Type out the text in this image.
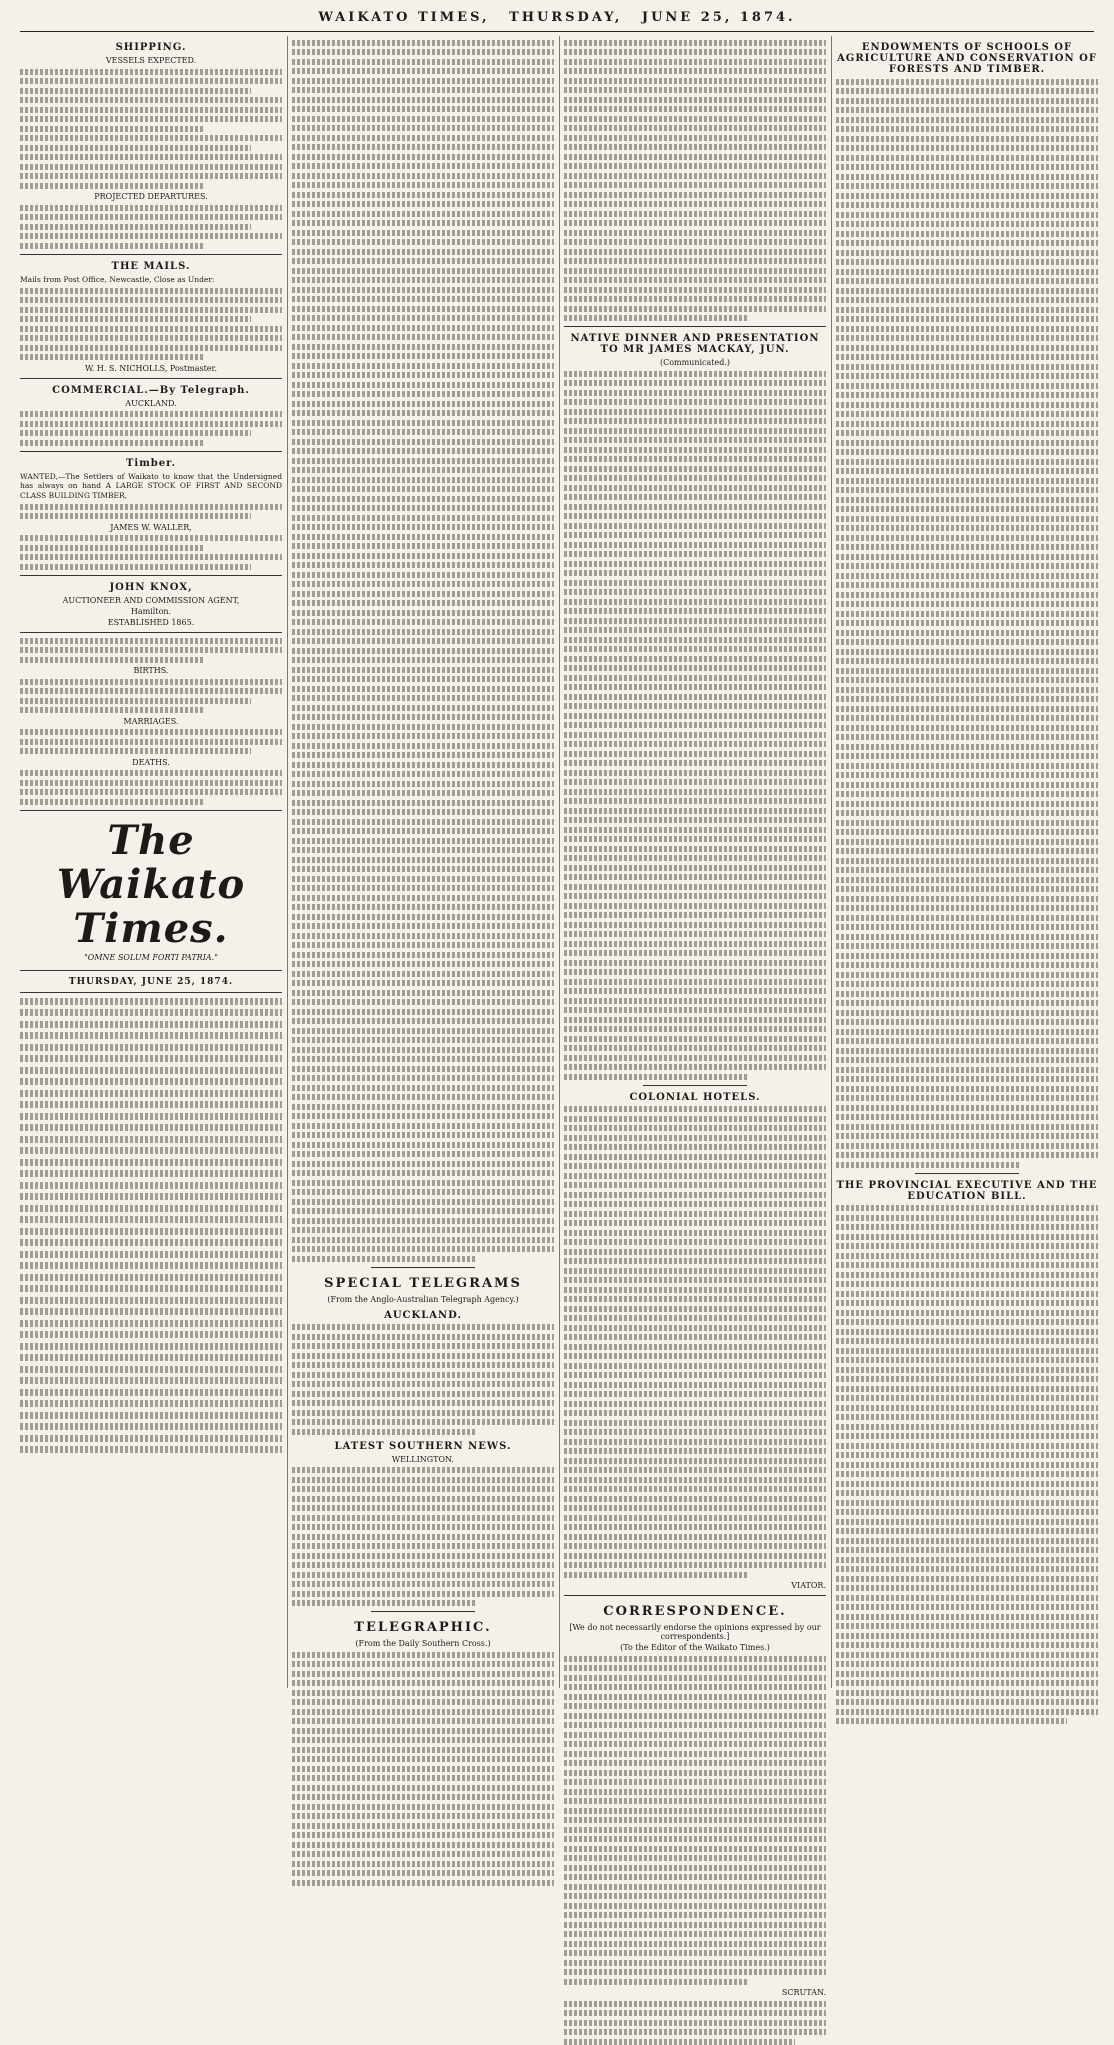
WAIKATO TIMES, THURSDAY, JUNE 25, 1874.
SHIPPING.
VESSELS EXPECTED.
PROJECTED DEPARTURES.
THE MAILS.
Mails from Post Office, Newcastle, Close as Under:
W. H. S. NICHOLLS, Postmaster.
COMMERCIAL.—By Telegraph.
AUCKLAND.
Timber.
WANTED,—The Settlers of Waikato to know that the Undersigned has always on hand A LARGE STOCK OF FIRST AND SECOND CLASS BUILDING TIMBER,
JAMES W. WALLER,
JOHN KNOX,
AUCTIONEER AND COMMISSION AGENT,
Hamilton.
ESTABLISHED 1865.
BIRTHS.
MARRIAGES.
DEATHS.
The Waikato Times.
"OMNE SOLUM FORTI PATRIA."
THURSDAY, JUNE 25, 1874.
SPECIAL TELEGRAMS
(From the Anglo-Australian Telegraph Agency.)
AUCKLAND.
LATEST SOUTHERN NEWS.
WELLINGTON.
TELEGRAPHIC.
(From the Daily Southern Cross.)
NATIVE DINNER AND PRESENTATION TO MR JAMES MACKAY, JUN.
(Communicated.)
COLONIAL HOTELS.
VIATOR.
CORRESPONDENCE.
[We do not necessarily endorse the opinions expressed by our correspondents.]
(To the Editor of the Waikato Times.)
SCRUTAN.
ENDOWMENTS OF SCHOOLS OF AGRICULTURE AND CONSERVATION OF FORESTS AND TIMBER.
THE PROVINCIAL EXECUTIVE AND THE EDUCATION BILL.
